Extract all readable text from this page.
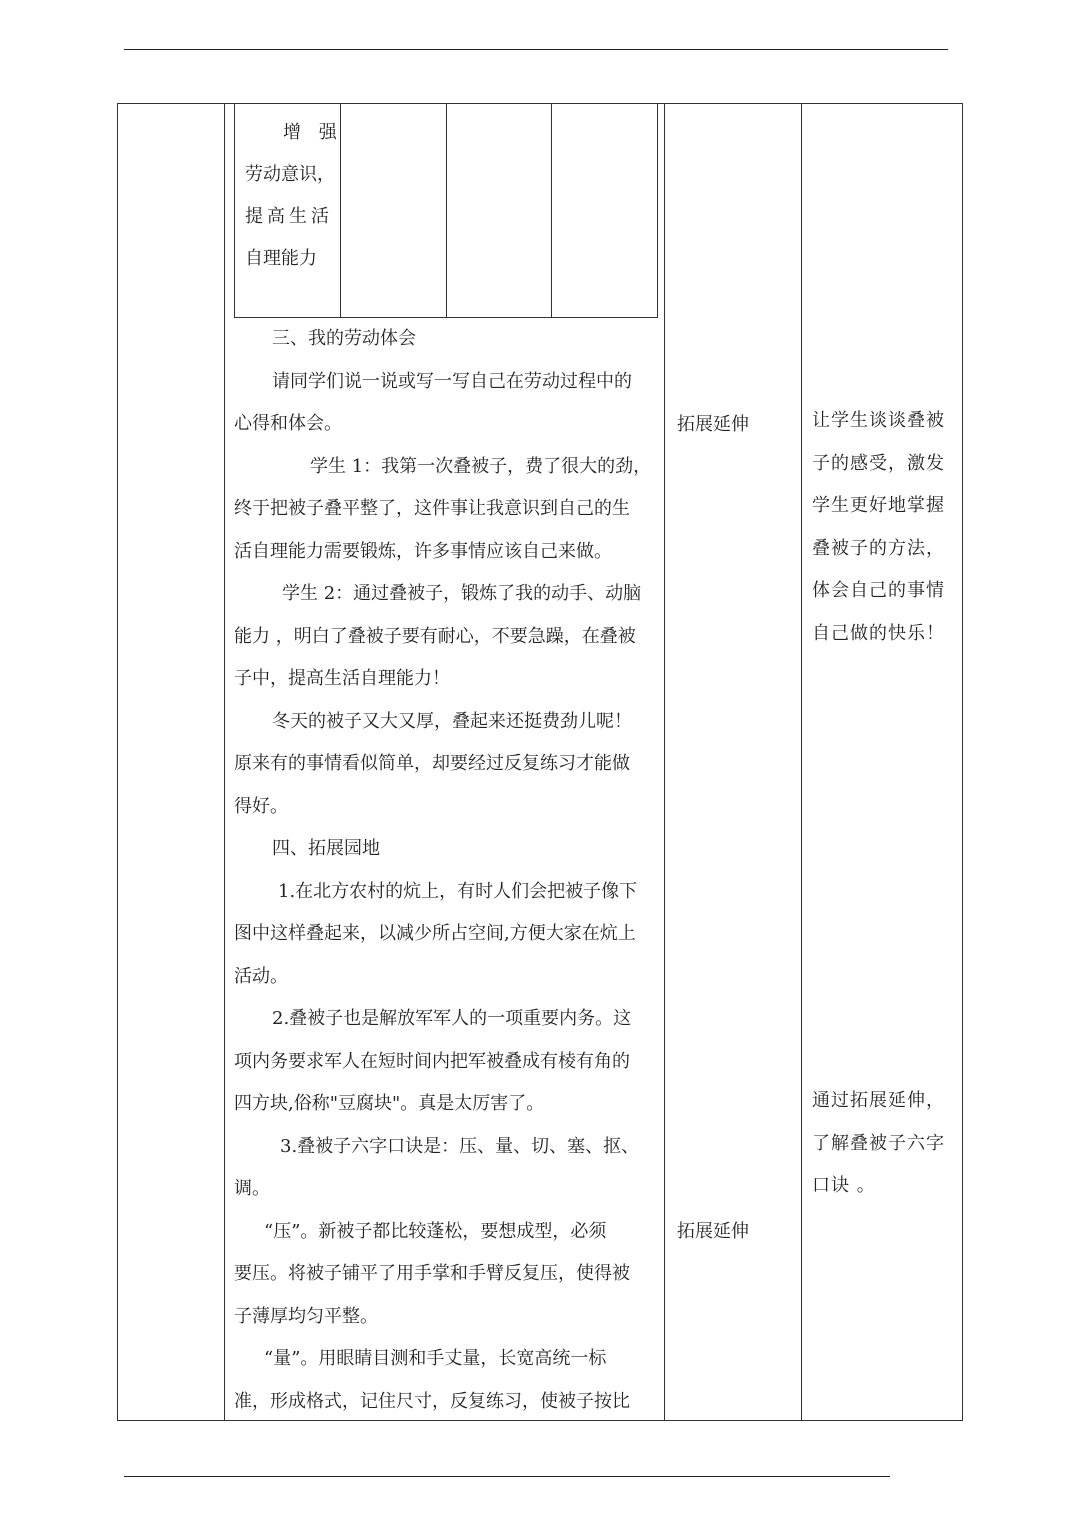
增 强
劳动意识，
提高生活
自理能力
三、我的劳动体会
请同学们说一说或写一写自己在劳动过程中的
心得和体会。
学生 1：我第一次叠被子，费了很大的劲，
终于把被子叠平整了，这件事让我意识到自己的生
活自理能力需要锻炼，许多事情应该自己来做。
学生 2：通过叠被子，锻炼了我的动手、动脑
能力 ，明白了叠被子要有耐心，不要急躁，在叠被
子中，提高生活自理能力！
冬天的被子又大又厚，叠起来还挺费劲儿呢！
原来有的事情看似简单，却要经过反复练习才能做
得好。
四、拓展园地
1.在北方农村的炕上，有时人们会把被子像下
图中这样叠起来，以减少所占空间,方便大家在炕上
活动。
2.叠被子也是解放军军人的一项重要内务。这
项内务要求军人在短时间内把军被叠成有棱有角的
四方块,俗称"豆腐块"。真是太厉害了。
3.叠被子六字口诀是：压、量、切、塞、抠、
调。
“压”。新被子都比较蓬松，要想成型，必须
要压。将被子铺平了用手掌和手臂反复压，使得被
子薄厚均匀平整。
“量”。用眼睛目测和手丈量，长宽高统一标
准，形成格式，记住尺寸，反复练习，使被子按比
拓展延伸
拓展延伸
让学生谈谈叠被
子的感受，激发
学生更好地掌握
叠被子的方法，
体会自己的事情
自己做的快乐！
通过拓展延伸，
了解叠被子六字
口诀 。
